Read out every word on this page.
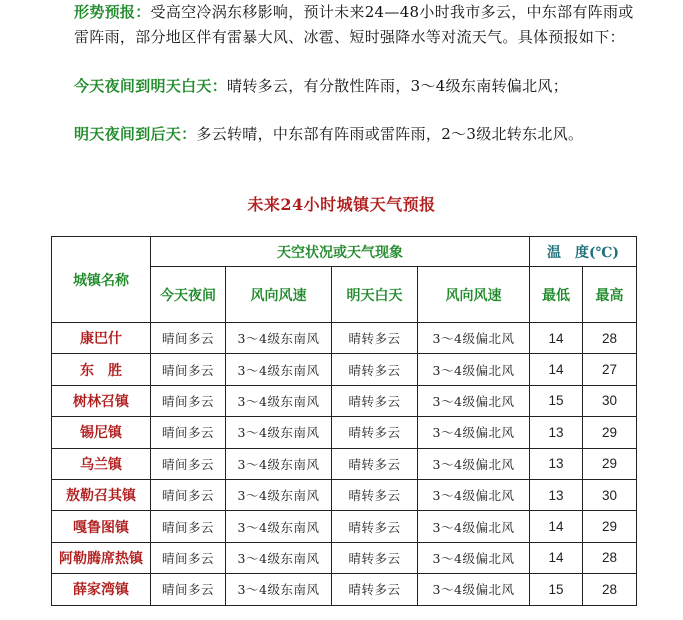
形势预报：受高空冷涡东移影响，预计未来24—48小时我市多云，中东部有阵雨或雷阵雨，部分地区伴有雷暴大风、冰雹、短时强降水等对流天气。具体预报如下：
今天夜间到明天白天：晴转多云，有分散性阵雨，3～4级东南转偏北风；
明天夜间到后天：多云转晴，中东部有阵雨或雷阵雨，2～3级北转东北风。
未来24小时城镇天气预报
城镇名称	天空状况或天气现象				温　度(℃)	
	今天夜间	风向风速	明天白天	风向风速	最低	最高
康巴什	晴间多云	3～4级东南风	晴转多云	3～4级偏北风	14	28
东　胜	晴间多云	3～4级东南风	晴转多云	3～4级偏北风	14	27
树林召镇	晴间多云	3～4级东南风	晴转多云	3～4级偏北风	15	30
锡尼镇	晴间多云	3～4级东南风	晴转多云	3～4级偏北风	13	29
乌兰镇	晴间多云	3～4级东南风	晴转多云	3～4级偏北风	13	29
敖勒召其镇	晴间多云	3～4级东南风	晴转多云	3～4级偏北风	13	30
嘎鲁图镇	晴间多云	3～4级东南风	晴转多云	3～4级偏北风	14	29
阿勒腾席热镇	晴间多云	3～4级东南风	晴转多云	3～4级偏北风	14	28
薛家湾镇	晴间多云	3～4级东南风	晴转多云	3～4级偏北风	15	28
